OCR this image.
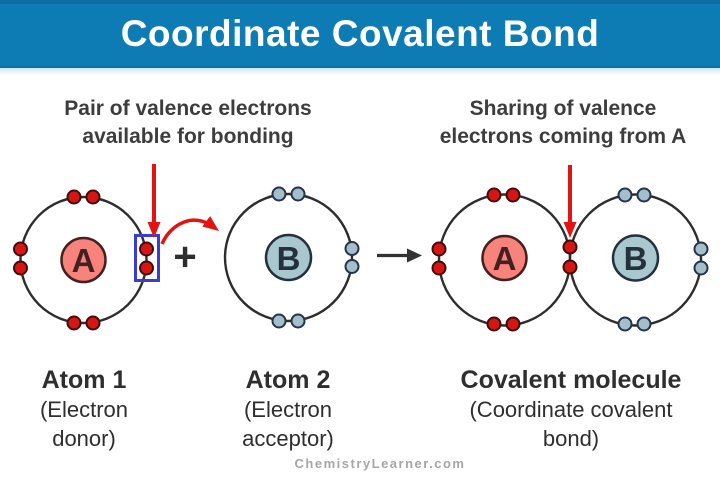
Coordinate Covalent Bond
Pair of valence electrons
available for bonding
Sharing of valence
electrons coming from A
A + B	A	B
Atom 1
(Electron
donor)
Atom 2
(Electron
acceptor)
Covalent molecule
(Coordinate covalent
bond)
ChemistryLearner.com
